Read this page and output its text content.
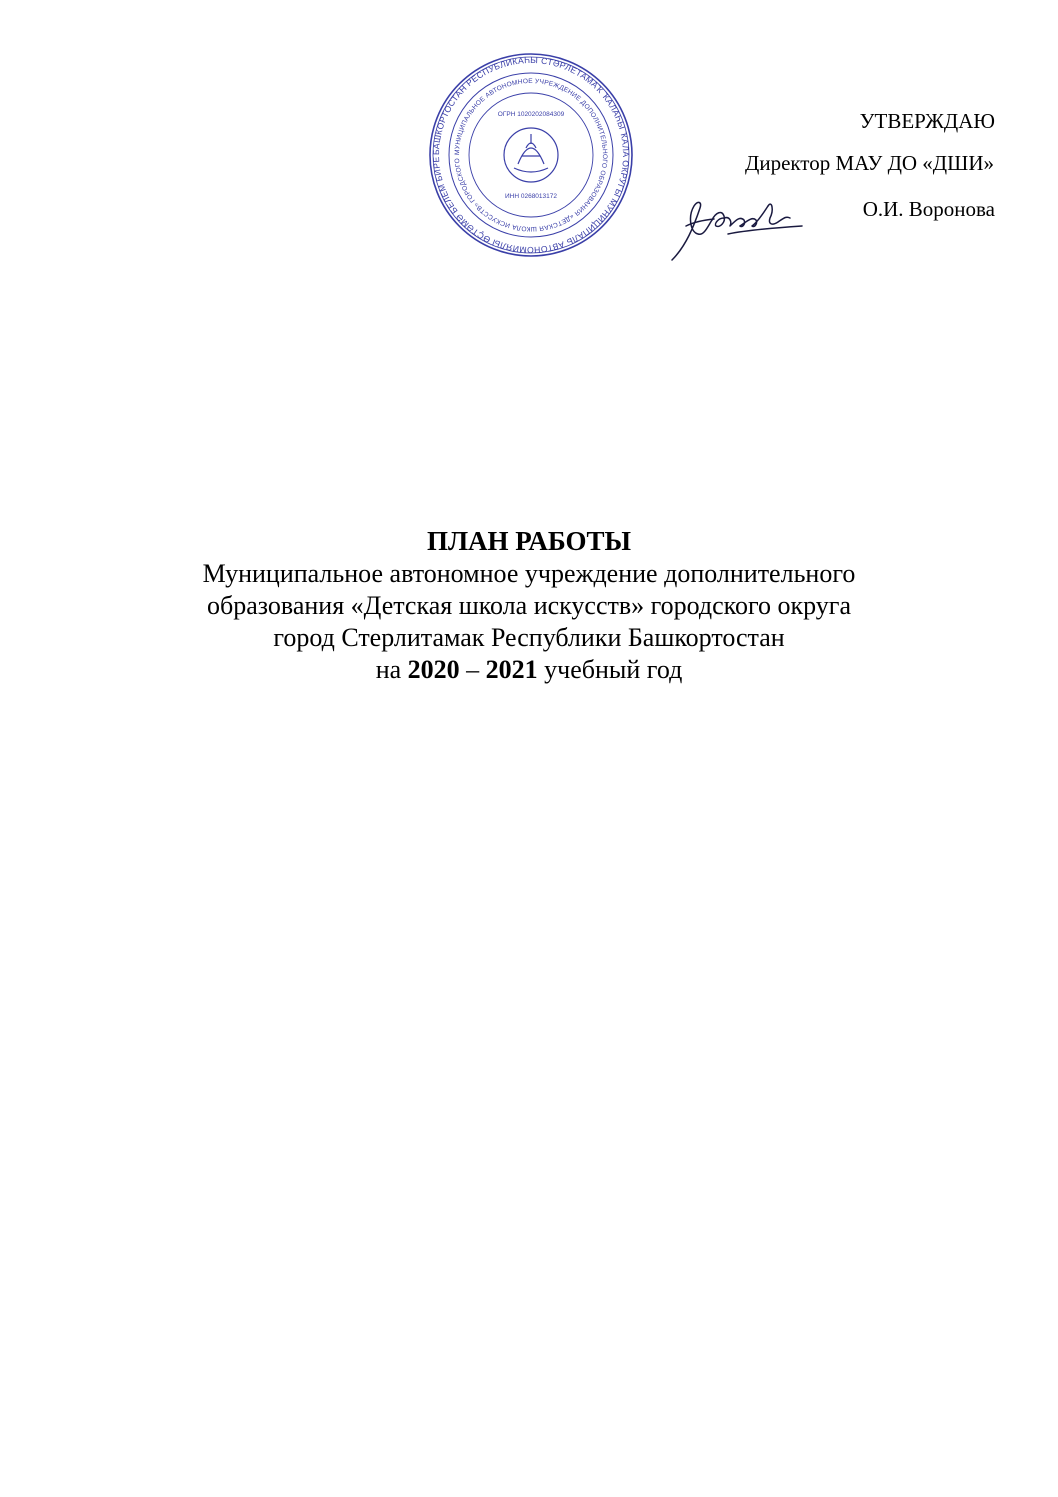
БАШКОРТОСТАН РЕСПУБЛИКАҺЫ СТӘРЛЕТАМАҠ ҠАЛАҺЫ ҠАЛА ОКРУГЫ МУНИЦИПАЛЬ АВТОНОМИЯЛЫ ӨҪТӘМӘ БЕЛЕМ БИРЕ
МУНИЦИПАЛЬНОЕ АВТОНОМНОЕ УЧРЕЖДЕНИЕ ДОПОЛНИТЕЛЬНОГО ОБРАЗОВАНИЯ «ДЕТСКАЯ ШКОЛА ИСКУССТВ» ГОРОДСКОГО
ОГРН 1020202084309
ИНН 0268013172
УТВЕРЖДАЮ
Директор МАУ ДО «ДШИ»
О.И. Воронова
ПЛАН РАБОТЫ
Муниципальное автономное учреждение дополнительного
образования «Детская школа искусств» городского округа
город Стерлитамак Республики Башкортостан
на 2020 – 2021 учебный год
